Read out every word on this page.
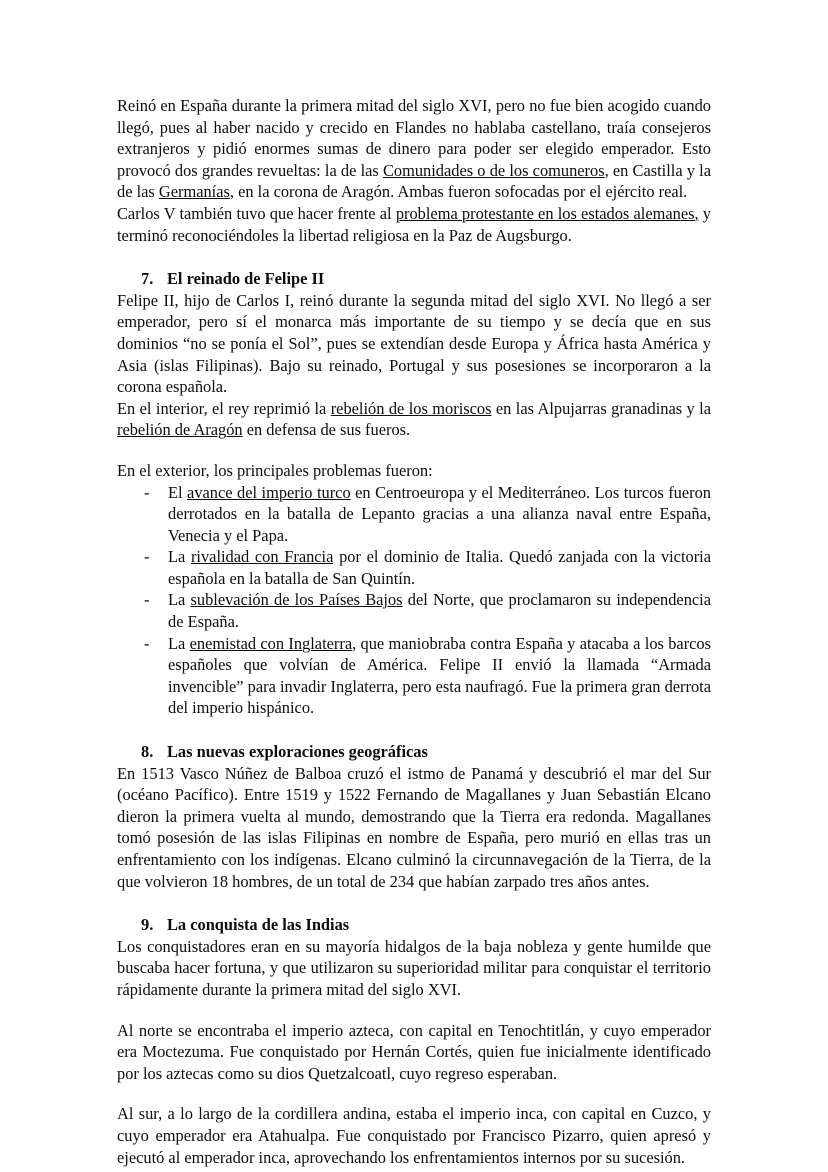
Reinó en España durante la primera mitad del siglo XVI, pero no fue bien acogido cuando llegó, pues al haber nacido y crecido en Flandes no hablaba castellano, traía consejeros extranjeros y pidió enormes sumas de dinero para poder ser elegido emperador. Esto provocó dos grandes revueltas: la de las Comunidades o de los comuneros, en Castilla y la de las Germanías, en la corona de Aragón. Ambas fueron sofocadas por el ejército real.

Carlos V también tuvo que hacer frente al problema protestante en los estados alemanes, y terminó reconociéndoles la libertad religiosa en la Paz de Augsburgo.

7. El reinado de Felipe II

Felipe II, hijo de Carlos I, reinó durante la segunda mitad del siglo XVI. No llegó a ser emperador, pero sí el monarca más importante de su tiempo y se decía que en sus dominios “no se ponía el Sol”, pues se extendían desde Europa y África hasta América y Asia (islas Filipinas). Bajo su reinado, Portugal y sus posesiones se incorporaron a la corona española.

En el interior, el rey reprimió la rebelión de los moriscos en las Alpujarras granadinas y la rebelión de Aragón en defensa de sus fueros.

En el exterior, los principales problemas fueron:

- El avance del imperio turco en Centroeuropa y el Mediterráneo. Los turcos fueron derrotados en la batalla de Lepanto gracias a una alianza naval entre España, Venecia y el Papa.
- La rivalidad con Francia por el dominio de Italia. Quedó zanjada con la victoria española en la batalla de San Quintín.
- La sublevación de los Países Bajos del Norte, que proclamaron su independencia de España.
- La enemistad con Inglaterra, que maniobraba contra España y atacaba a los barcos españoles que volvían de América. Felipe II envió la llamada “Armada invencible” para invadir Inglaterra, pero esta naufragó. Fue la primera gran derrota del imperio hispánico.
8. Las nuevas exploraciones geográficas

En 1513 Vasco Núñez de Balboa cruzó el istmo de Panamá y descubrió el mar del Sur (océano Pacífico). Entre 1519 y 1522 Fernando de Magallanes y Juan Sebastián Elcano dieron la primera vuelta al mundo, demostrando que la Tierra era redonda. Magallanes tomó posesión de las islas Filipinas en nombre de España, pero murió en ellas tras un enfrentamiento con los indígenas. Elcano culminó la circunnavegación de la Tierra, de la que volvieron 18 hombres, de un total de 234 que habían zarpado tres años antes.

9. La conquista de las Indias

Los conquistadores eran en su mayoría hidalgos de la baja nobleza y gente humilde que buscaba hacer fortuna, y que utilizaron su superioridad militar para conquistar el territorio rápidamente durante la primera mitad del siglo XVI.

Al norte se encontraba el imperio azteca, con capital en Tenochtitlán, y cuyo emperador era Moctezuma. Fue conquistado por Hernán Cortés, quien fue inicialmente identificado por los aztecas como su dios Quetzalcoatl, cuyo regreso esperaban.

Al sur, a lo largo de la cordillera andina, estaba el imperio inca, con capital en Cuzco, y cuyo emperador era Atahualpa. Fue conquistado por Francisco Pizarro, quien apresó y ejecutó al emperador inca, aprovechando los enfrentamientos internos por su sucesión.
